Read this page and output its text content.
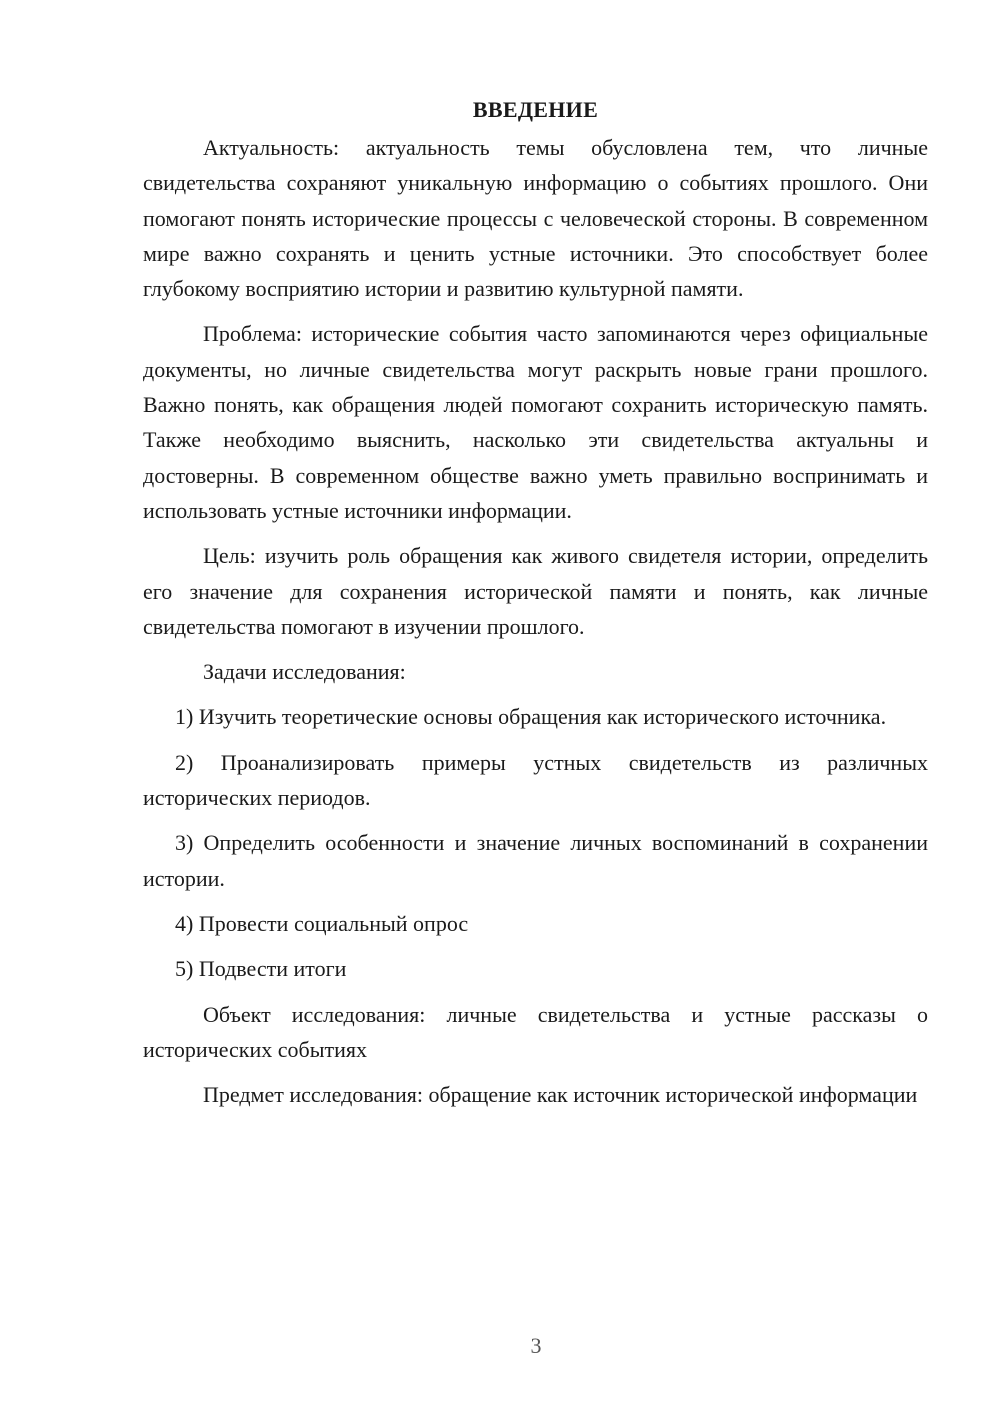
ВВЕДЕНИЕ

Актуальность: актуальность темы обусловлена тем, что личные свидетельства сохраняют уникальную информацию о событиях прошлого. Они помогают понять исторические процессы с человеческой стороны. В современном мире важно сохранять и ценить устные источники. Это способствует более глубокому восприятию истории и развитию культурной памяти.

Проблема: исторические события часто запоминаются через официальные документы, но личные свидетельства могут раскрыть новые грани прошлого. Важно понять, как обращения людей помогают сохранить историческую память. Также необходимо выяснить, насколько эти свидетельства актуальны и достоверны. В современном обществе важно уметь правильно воспринимать и использовать устные источники информации.

Цель: изучить роль обращения как живого свидетеля истории, определить его значение для сохранения исторической памяти и понять, как личные свидетельства помогают в изучении прошлого.

Задачи исследования:

1) Изучить теоретические основы обращения как исторического источника.

2) Проанализировать примеры устных свидетельств из различных исторических периодов.

3) Определить особенности и значение личных воспоминаний в сохранении истории.

4) Провести социальный опрос

5) Подвести итоги

Объект исследования: личные свидетельства и устные рассказы о исторических событиях

Предмет исследования: обращение как источник исторической информации

3
